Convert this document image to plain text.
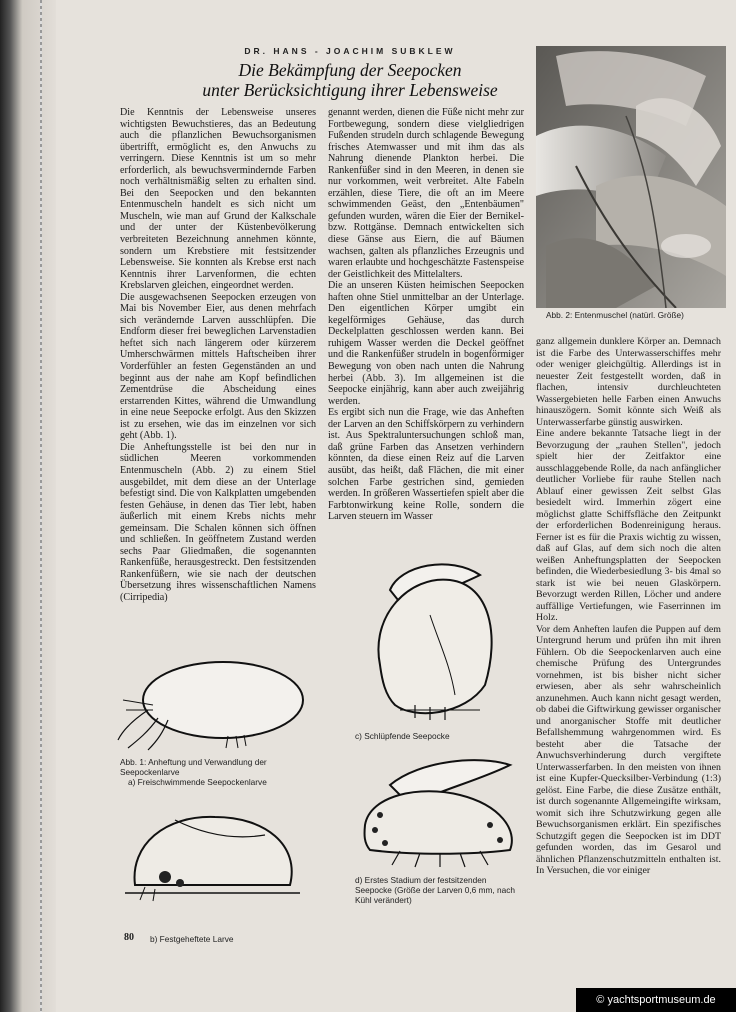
DR. HANS - JOACHIM SUBKLEW
Die Bekämpfung der Seepocken
unter Berücksichtigung ihrer Lebensweise

Die Kenntnis der Lebensweise unseres wichtigsten Bewuchstieres, das an Bedeutung auch die pflanzlichen Bewuchsorganismen übertrifft, ermöglicht es, den Anwuchs zu verringern. Diese Kenntnis ist um so mehr erforderlich, als bewuchsvermindernde Farben noch verhältnismäßig selten zu erhalten sind. Bei den Seepocken und den bekannten Entenmuscheln handelt es sich nicht um Muscheln, wie man auf Grund der Kalkschale und der unter der Küstenbevölkerung verbreiteten Bezeichnung annehmen könnte, sondern um Krebstiere mit festsitzender Lebensweise. Sie konnten als Krebse erst nach Kenntnis ihrer Larvenformen, die echten Krebslarven gleichen, eingeordnet werden.

Die ausgewachsenen Seepocken erzeugen von Mai bis November Eier, aus denen mehrfach sich verändernde Larven ausschlüpfen. Die Endform dieser frei beweglichen Larvenstadien heftet sich nach längerem oder kürzerem Umherschwärmen mittels Haftscheiben ihrer Vorderfühler an festen Gegenständen an und beginnt aus der nahe am Kopf befindlichen Zementdrüse die Abscheidung eines erstarrenden Kittes, während die Umwandlung in eine neue Seepocke erfolgt. Aus den Skizzen ist zu ersehen, wie das im einzelnen vor sich geht (Abb. 1).

Die Anheftungsstelle ist bei den nur in südlichen Meeren vorkommenden Entenmuscheln (Abb. 2) zu einem Stiel ausgebildet, mit dem diese an der Unterlage befestigt sind. Die von Kalkplatten umgebenden festen Gehäuse, in denen das Tier lebt, haben äußerlich mit einem Krebs nichts mehr gemeinsam. Die Schalen können sich öffnen und schließen. In geöffnetem Zustand werden sechs Paar Gliedmaßen, die sogenannten Rankenfüße, herausgestreckt. Den festsitzenden Rankenfüßern, wie sie nach der deutschen Übersetzung ihres wissenschaftlichen Namens (Cirripedia)

genannt werden, dienen die Füße nicht mehr zur Fortbewegung, sondern diese vielgliedrigen Fußenden strudeln durch schlagende Bewegung frisches Atemwasser und mit ihm das als Nahrung dienende Plankton herbei. Die Rankenfüßer sind in den Meeren, in denen sie nur vorkommen, weit verbreitet. Alte Fabeln erzählen, diese Tiere, die oft an im Meere schwimmenden Geäst, den „Entenbäumen" gefunden wurden, wären die Eier der Bernikel- bzw. Rottgänse. Demnach entwickelten sich diese Gänse aus Eiern, die auf Bäumen wachsen, galten als pflanzliches Erzeugnis und waren erlaubte und hochgeschätzte Fastenspeise der Geistlichkeit des Mittelalters.

Die an unseren Küsten heimischen Seepocken haften ohne Stiel unmittelbar an der Unterlage. Den eigentlichen Körper umgibt ein kegelförmiges Gehäuse, das durch Deckelplatten geschlossen werden kann. Bei ruhigem Wasser werden die Deckel geöffnet und die Rankenfüßer strudeln in bogenförmiger Bewegung von oben nach unten die Nahrung herbei (Abb. 3). Im allgemeinen ist die Seepocke einjährig, kann aber auch zweijährig werden.

Es ergibt sich nun die Frage, wie das Anheften der Larven an den Schiffskörpern zu verhindern ist. Aus Spektraluntersuchungen schloß man, daß grüne Farben das Ansetzen verhindern könnten, da diese einen Reiz auf die Larven ausübt, das heißt, daß Flächen, die mit einer solchen Farbe gestrichen sind, gemieden werden. In größeren Wassertiefen spielt aber die Farbtonwirkung keine Rolle, sondern die Larven steuern im Wasser

Abb. 2: Entenmuschel (natürl. Größe)

ganz allgemein dunklere Körper an. Demnach ist die Farbe des Unterwasserschiffes mehr oder weniger gleichgültig. Allerdings ist in neuester Zeit festgestellt worden, daß in flachen, intensiv durchleuchteten Wassergebieten helle Farben einen Anwuchs hinauszögern. Somit könnte sich Weiß als Unterwasserfarbe günstig auswirken.

Eine andere bekannte Tatsache liegt in der Bevorzugung der „rauhen Stellen", jedoch spielt hier der Zeitfaktor eine ausschlaggebende Rolle, da nach anfänglicher deutlicher Vorliebe für rauhe Stellen nach Ablauf einer gewissen Zeit selbst Glas besiedelt wird. Immerhin zögert eine möglichst glatte Schiffsfläche den Zeitpunkt der erforderlichen Bodenreinigung heraus. Ferner ist es für die Praxis wichtig zu wissen, daß auf Glas, auf dem sich noch die alten weißen Anheftungsplatten der Seepocken befinden, die Wiederbesiedlung 3- bis 4mal so stark ist wie bei neuen Glaskörpern. Bevorzugt werden Rillen, Löcher und andere auffällige Vertiefungen, wie Faserrinnen im Holz.

Vor dem Anheften laufen die Puppen auf dem Untergrund herum und prüfen ihn mit ihren Fühlern. Ob die Seepockenlarven auch eine chemische Prüfung des Untergrundes vornehmen, ist bis bisher nicht sicher erwiesen, aber als sehr wahrscheinlich anzunehmen. Auch kann nicht gesagt werden, ob dabei die Giftwirkung gewisser organischer und anorganischer Stoffe mit deutlicher Befallshemmung wahrgenommen wird. Es besteht aber die Tatsache der Anwuchsverhinderung durch vergiftete Unterwasserfarben. In den meisten von ihnen ist eine Kupfer-Quecksilber-Verbindung (1:3) gelöst. Eine Farbe, die diese Zusätze enthält, ist durch sogenannte Allgemeingifte wirksam, womit sich ihre Schutzwirkung gegen alle Bewuchsorganismen erklärt. Ein spezifisches Schutzgift gegen die Seepocken ist im DDT gefunden worden, das im Gesarol und ähnlichen Pflanzenschutzmitteln enthalten ist. In Versuchen, die vor einiger

Abb. 1: Anheftung und Verwandlung der Seepockenlarve
a) Freischwimmende Seepockenlarve
b) Festgeheftete Larve
c) Schlüpfende Seepocke
d) Erstes Stadium der festsitzenden Seepocke (Größe der Larven 0,6 mm, nach Kühl verändert)
80
© yachtsportmuseum.de
